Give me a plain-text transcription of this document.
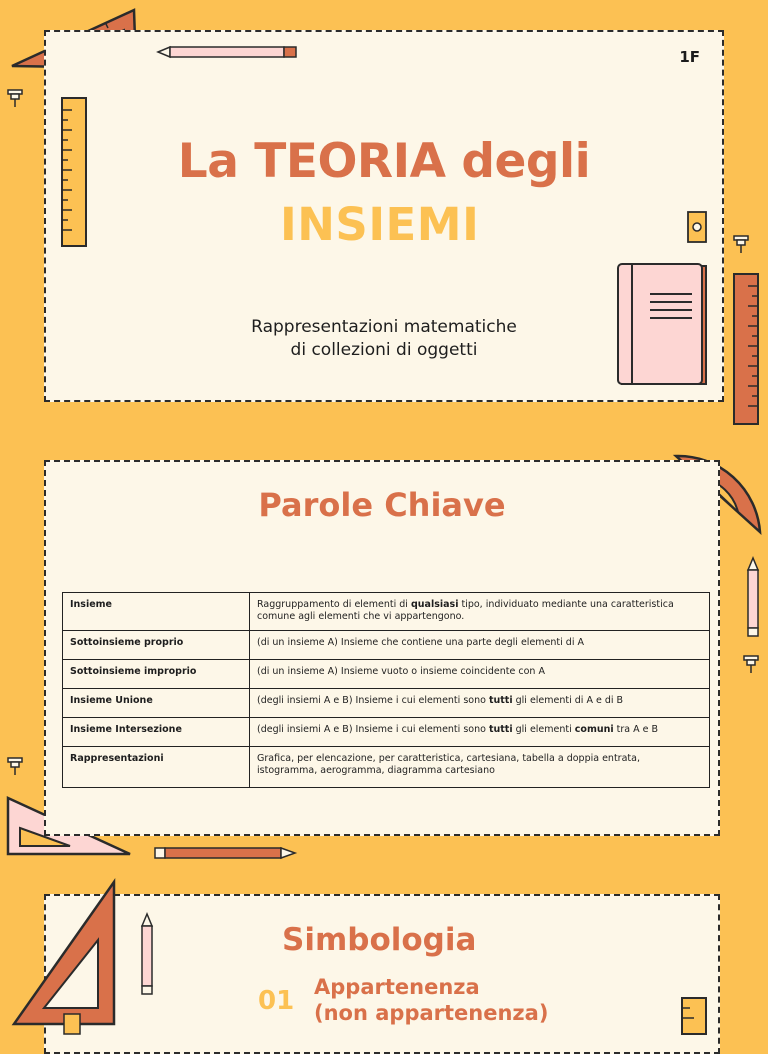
1F
La TEORIA degli
INSIEMI
Rappresentazioni matematiche
di collezioni di oggetti
Parole Chiave
Insieme	Raggruppamento di elementi di qualsiasi tipo, individuato mediante una caratteristica comune agli elementi che vi appartengono.
Sottoinsieme proprio	(di un insieme A) Insieme che contiene una parte degli elementi di A
Sottoinsieme improprio	(di un insieme A) Insieme vuoto o insieme coincidente con A
Insieme Unione	(degli insiemi A e B) Insieme i cui elementi sono tutti gli elementi di A e di B
Insieme Intersezione	(degli insiemi A e B) Insieme i cui elementi sono tutti gli elementi comuni tra A e B
Rappresentazioni	Grafica, per elencazione, per caratteristica, cartesiana, tabella a doppia entrata, istogramma, aerogramma, diagramma cartesiano
Simbologia
01 Appartenenza
(non appartenenza)
